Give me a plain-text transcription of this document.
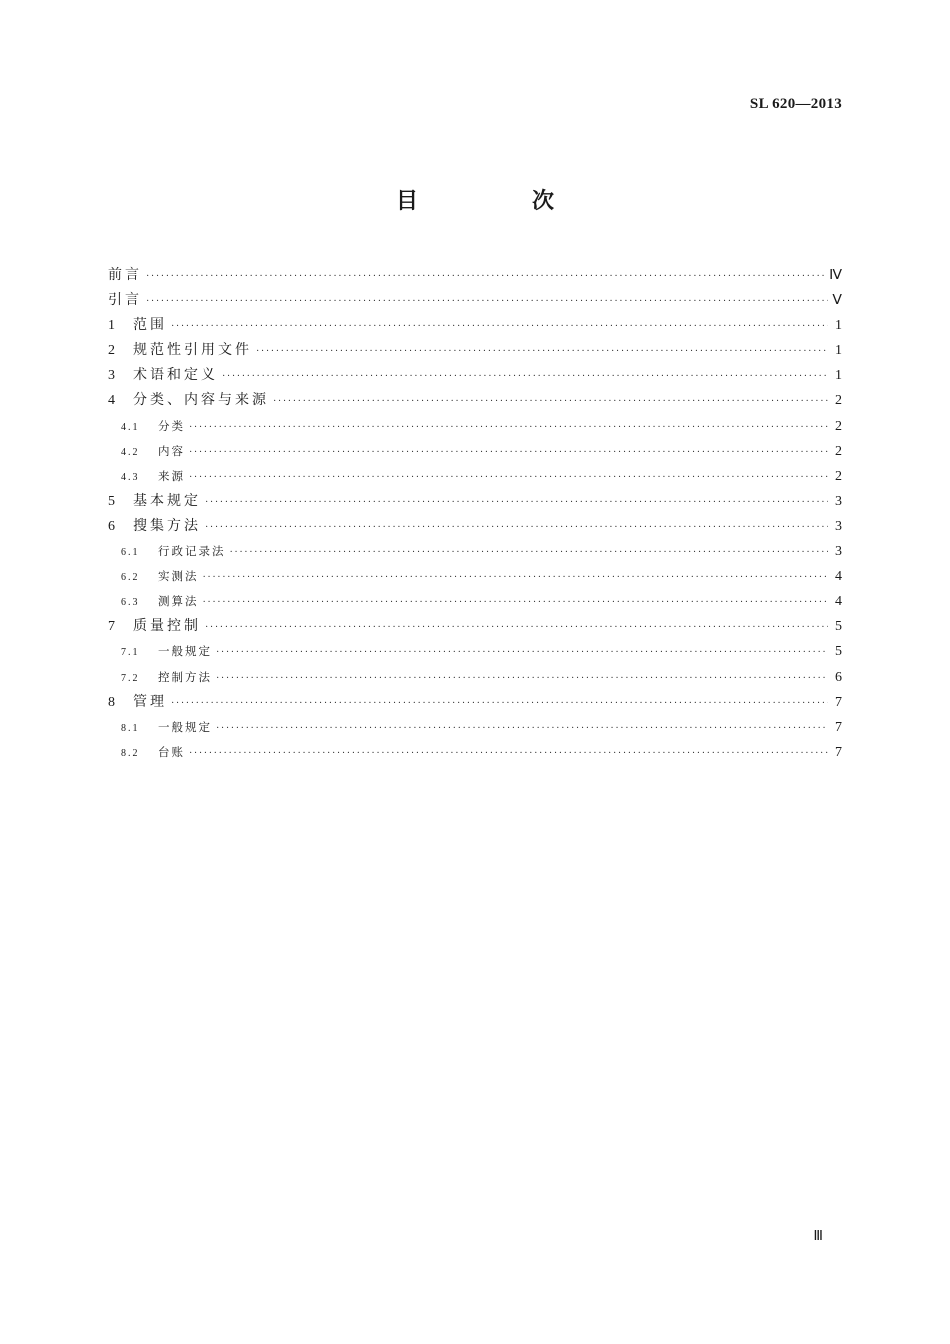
SL 620—2013
目　次
前言 ·····	Ⅳ
引言 ·····	Ⅴ
1	范围 ·····	1
2	规范性引用文件 ·····	1
3	术语和定义 ·····	1
4	分类、内容与来源 ·····	2
4.1	分类 ·····	2
4.2	内容 ·····	2
4.3	来源 ·····	2
5	基本规定 ·····	3
6	搜集方法 ·····	3
6.1	行政记录法 ·····	3
6.2	实测法 ·····	4
6.3	测算法 ·····	4
7	质量控制 ·····	5
7.1	一般规定 ·····	5
7.2	控制方法 ·····	6
8	管理 ·····	7
8.1	一般规定 ·····	7
8.2	台账 ·····	7
Ⅲ
